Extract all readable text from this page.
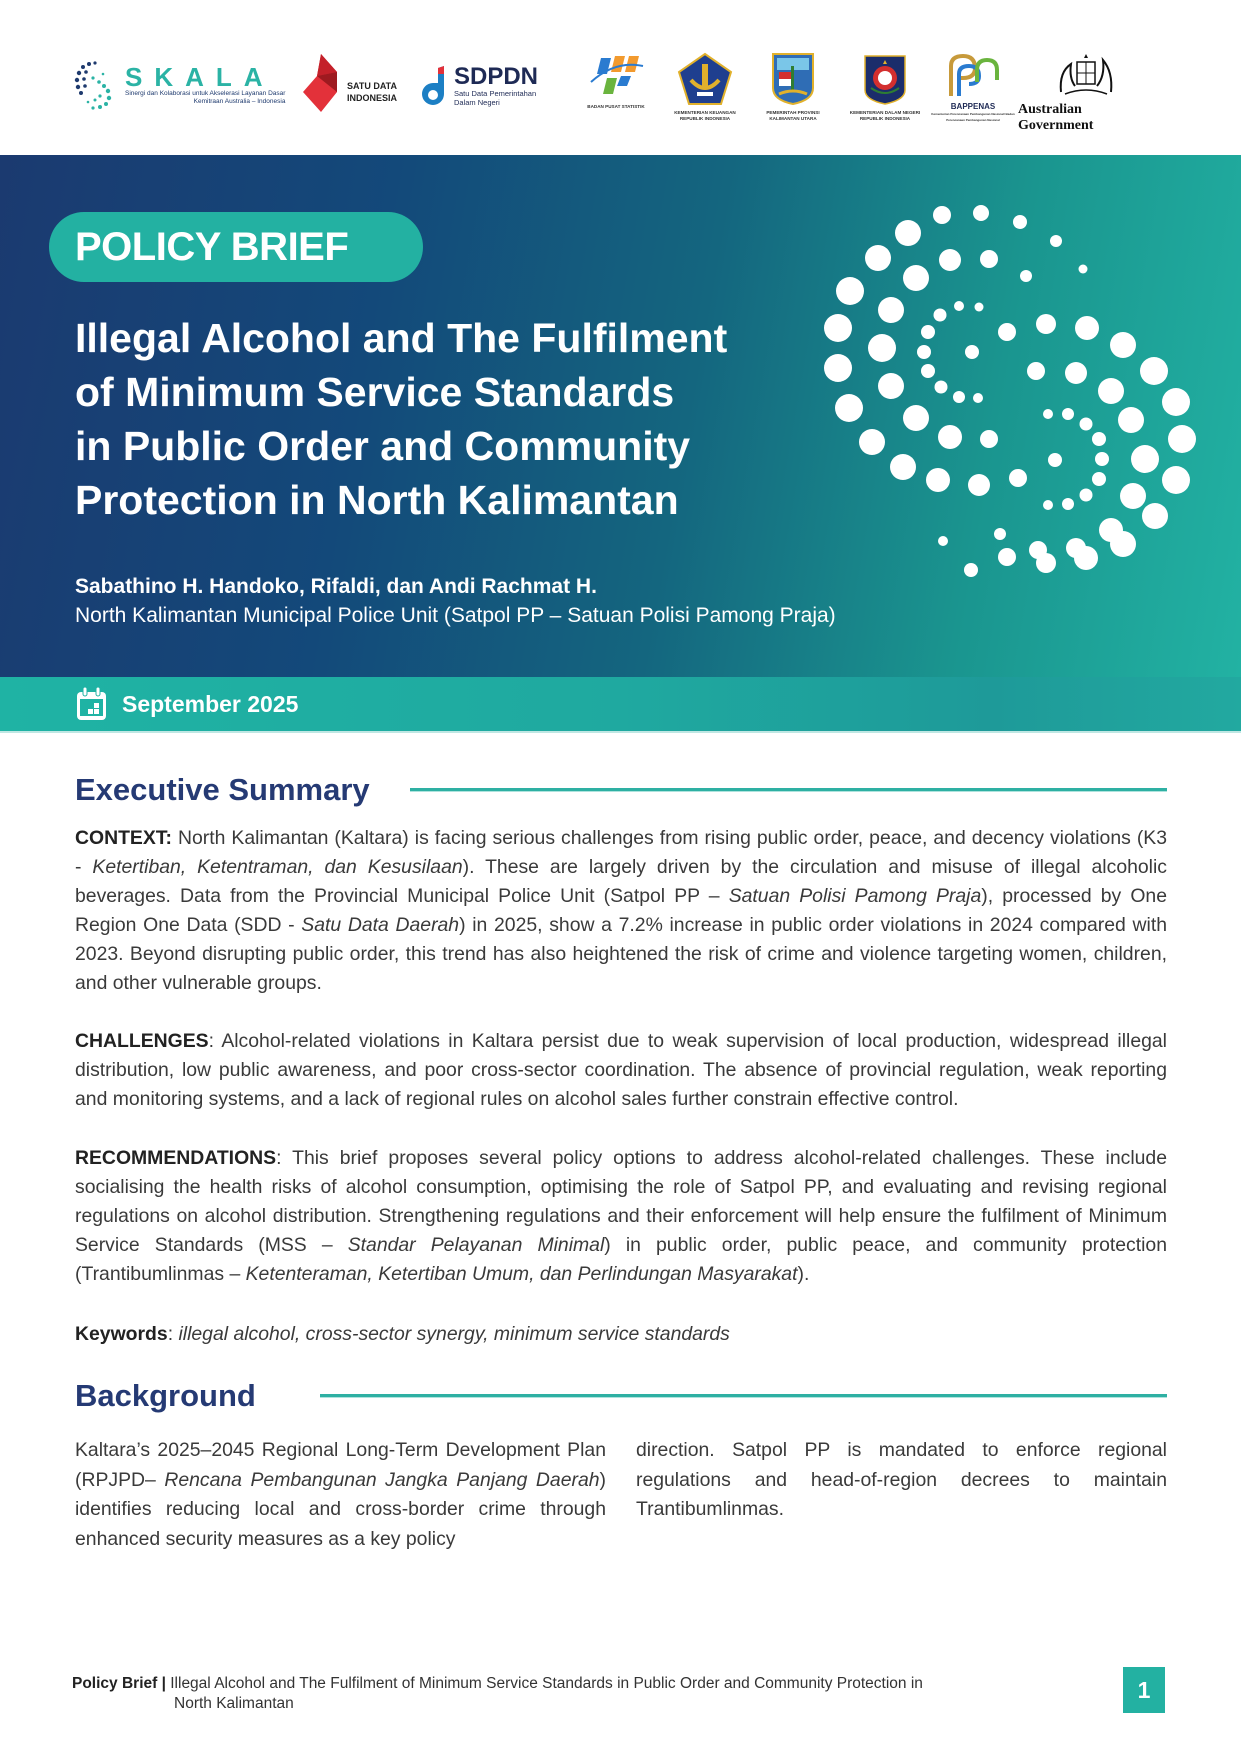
SKALA
Sinergi dan Kolaborasi untuk Akselerasi Layanan Dasar
Kemitraan Australia – Indonesia
SATU DATA
INDONESIA
SDPDN
Satu Data Pemerintahan
Dalam Negeri	BADAN PUSAT STATISTIK
KEMENTERIAN KEUANGAN
REPUBLIK INDONESIA
PEMERINTAH PROVINSI
KALIMANTAN UTARA
KEMENTERIAN DALAM NEGERI
REPUBLIK INDONESIA
BAPPENAS
Kementerian Perencanaan Pembangunan Nasional/ Badan Perencanaan Pembangunan Nasional
Australian Government
POLICY BRIEF
Illegal Alcohol and The Fulfilment
of Minimum Service Standards
in Public Order and Community
Protection in North Kalimantan
Sabathino H. Handoko, Rifaldi, dan Andi Rachmat H.
North Kalimantan Municipal Police Unit (Satpol PP – Satuan Polisi Pamong Praja)
September 2025
Executive Summary

CONTEXT: North Kalimantan (Kaltara) is facing serious challenges from rising public order, peace, and decency violations (K3 - Ketertiban, Ketentraman, dan Kesusilaan). These are largely driven by the circulation and misuse of illegal alcoholic beverages. Data from the Provincial Municipal Police Unit (Satpol PP – Satuan Polisi Pamong Praja), processed by One Region One Data (SDD - Satu Data Daerah) in 2025, show a 7.2% increase in public order violations in 2024 compared with 2023. Beyond disrupting public order, this trend has also heightened the risk of crime and violence targeting women, children, and other vulnerable groups.

CHALLENGES: Alcohol-related violations in Kaltara persist due to weak supervision of local production, widespread illegal distribution, low public awareness, and poor cross-sector coordination. The absence of provincial regulation, weak reporting and monitoring systems, and a lack of regional rules on alcohol sales further constrain effective control.

RECOMMENDATIONS: This brief proposes several policy options to address alcohol-related challenges. These include socialising the health risks of alcohol consumption, optimising the role of Satpol PP, and evaluating and revising regional regulations on alcohol distribution. Strengthening regulations and their enforcement will help ensure the fulfilment of Minimum Service Standards (MSS – Standar Pelayanan Minimal) in public order, public peace, and community protection (Trantibumlinmas – Ketenteraman, Ketertiban Umum, dan Perlindungan Masyarakat).

Keywords: illegal alcohol, cross-sector synergy, minimum service standards

Background

Kaltara’s 2025–2045 Regional Long-Term Development Plan (RPJPD– Rencana Pembangunan Jangka Panjang Daerah) identifies reducing local and cross-border crime through enhanced security measures as a key policy

direction. Satpol PP is mandated to enforce regional regulations and head-of-region decrees to maintain Trantibumlinmas.

Policy Brief | Illegal Alcohol and The Fulfilment of Minimum Service Standards in Public Order and Community Protection in
North Kalimantan
1
